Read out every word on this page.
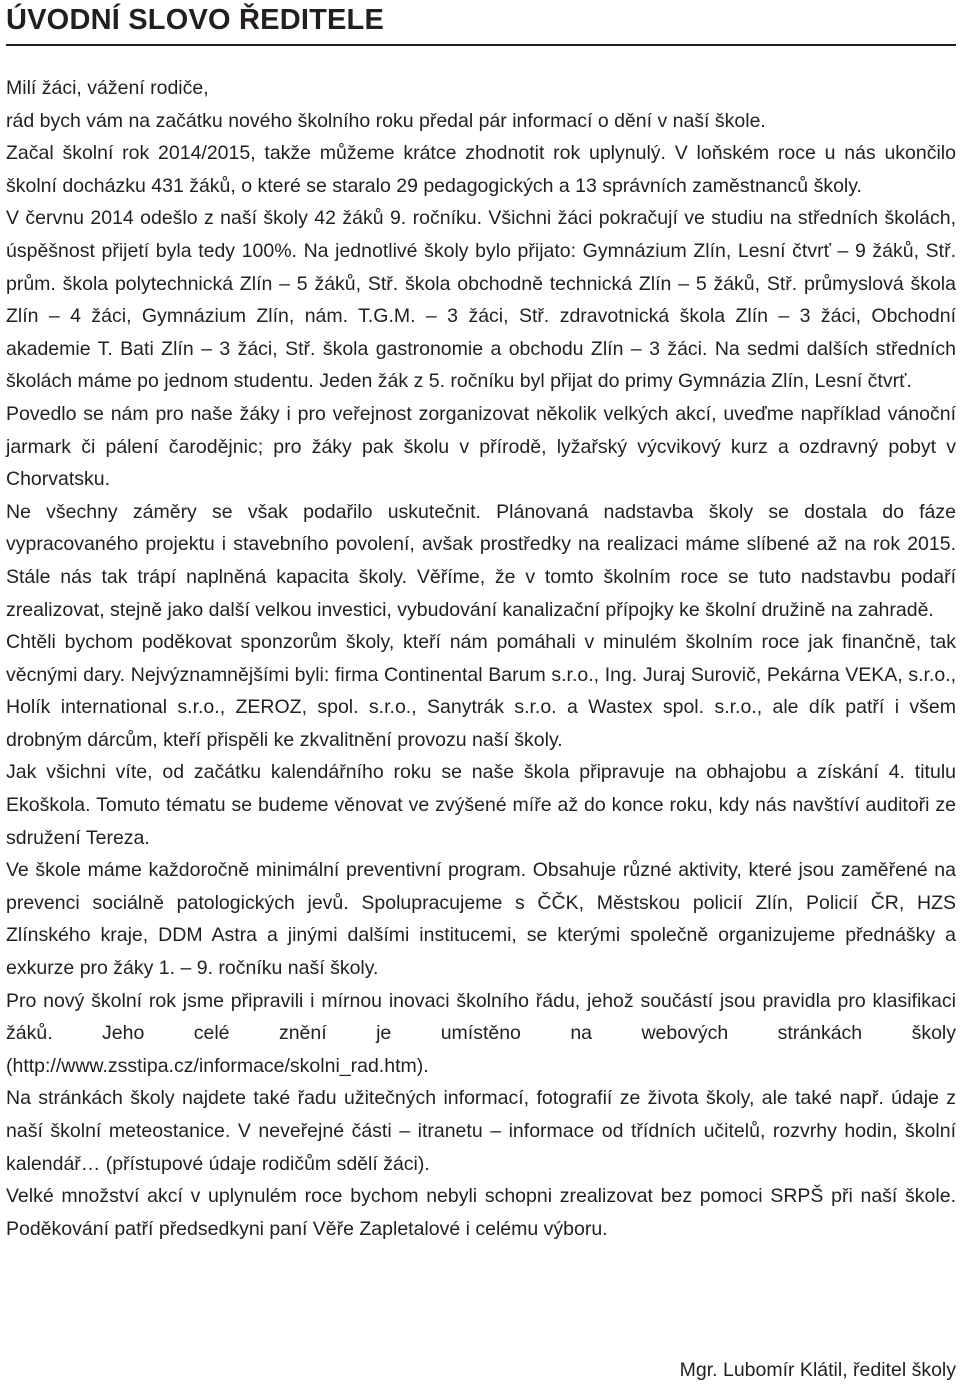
ÚVODNÍ SLOVO ŘEDITELE

Milí žáci, vážení rodiče,

rád bych vám na začátku nového školního roku předal pár informací o dění v naší škole.

Začal školní rok 2014/2015, takže můžeme krátce zhodnotit rok uplynulý. V loňském roce u nás ukončilo školní docházku 431 žáků, o které se staralo 29 pedagogických a 13 správních zaměstnanců školy.

V červnu 2014 odešlo z naší školy 42 žáků 9. ročníku. Všichni žáci pokračují ve studiu na středních školách, úspěšnost přijetí byla tedy 100%. Na jednotlivé školy bylo přijato: Gymnázium Zlín, Lesní čtvrť – 9 žáků, Stř. prům. škola polytechnická Zlín – 5 žáků, Stř. škola obchodně technická Zlín – 5 žáků, Stř. průmyslová škola Zlín – 4 žáci, Gymnázium Zlín, nám. T.G.M. – 3 žáci, Stř. zdravotnická škola Zlín – 3 žáci, Obchodní akademie T. Bati Zlín – 3 žáci, Stř. škola gastronomie a obchodu Zlín – 3 žáci. Na sedmi dalších středních školách máme po jednom studentu. Jeden žák z 5. ročníku byl přijat do primy Gymnázia Zlín, Lesní čtvrť.

Povedlo se nám pro naše žáky i pro veřejnost zorganizovat několik velkých akcí, uveďme například vánoční jarmark či pálení čarodějnic; pro žáky pak školu v přírodě, lyžařský výcvikový kurz a ozdravný pobyt v Chorvatsku.

Ne všechny záměry se však podařilo uskutečnit. Plánovaná nadstavba školy se dostala do fáze vypracovaného projektu i stavebního povolení, avšak prostředky na realizaci máme slíbené až na rok 2015. Stále nás tak trápí naplněná kapacita školy. Věříme, že v tomto školním roce se tuto nadstavbu podaří zrealizovat, stejně jako další velkou investici, vybudování kanalizační přípojky ke školní družině na zahradě.

Chtěli bychom poděkovat sponzorům školy, kteří nám pomáhali v minulém školním roce jak finančně, tak věcnými dary. Nejvýznamnějšími byli: firma Continental Barum s.r.o., Ing. Juraj Surovič, Pekárna VEKA, s.r.o., Holík international s.r.o., ZEROZ, spol. s.r.o., Sanytrák s.r.o. a Wastex spol. s.r.o., ale dík patří i všem drobným dárcům, kteří přispěli ke zkvalitnění provozu naší školy.

Jak všichni víte, od začátku kalendářního roku se naše škola připravuje na obhajobu a získání 4. titulu Ekoškola. Tomuto tématu se budeme věnovat ve zvýšené míře až do konce roku, kdy nás navštíví auditoři ze sdružení Tereza.

Ve škole máme každoročně minimální preventivní program. Obsahuje různé aktivity, které jsou zaměřené na prevenci sociálně patologických jevů. Spolupracujeme s ČČK, Městskou policií Zlín, Policií ČR, HZS Zlínského kraje, DDM Astra a jinými dalšími institucemi, se kterými společně organizujeme přednášky a exkurze pro žáky 1. – 9. ročníku naší školy.

Pro nový školní rok jsme připravili i mírnou inovaci školního řádu, jehož součástí jsou pravidla pro klasifikaci žáků. Jeho celé znění je umístěno na webových stránkách školy (http://www.zsstipa.cz/informace/skolni_rad.htm).

Na stránkách školy najdete také řadu užitečných informací, fotografií ze života školy, ale také např. údaje z naší školní meteostanice. V neveřejné části – itranetu – informace od třídních učitelů, rozvrhy hodin, školní kalendář… (přístupové údaje rodičům sdělí žáci).

Velké množství akcí v uplynulém roce bychom nebyli schopni zrealizovat bez pomoci SRPŠ při naší škole. Poděkování patří předsedkyni paní Věře Zapletalové i celému výboru.

Mgr. Lubomír Klátil, ředitel školy
